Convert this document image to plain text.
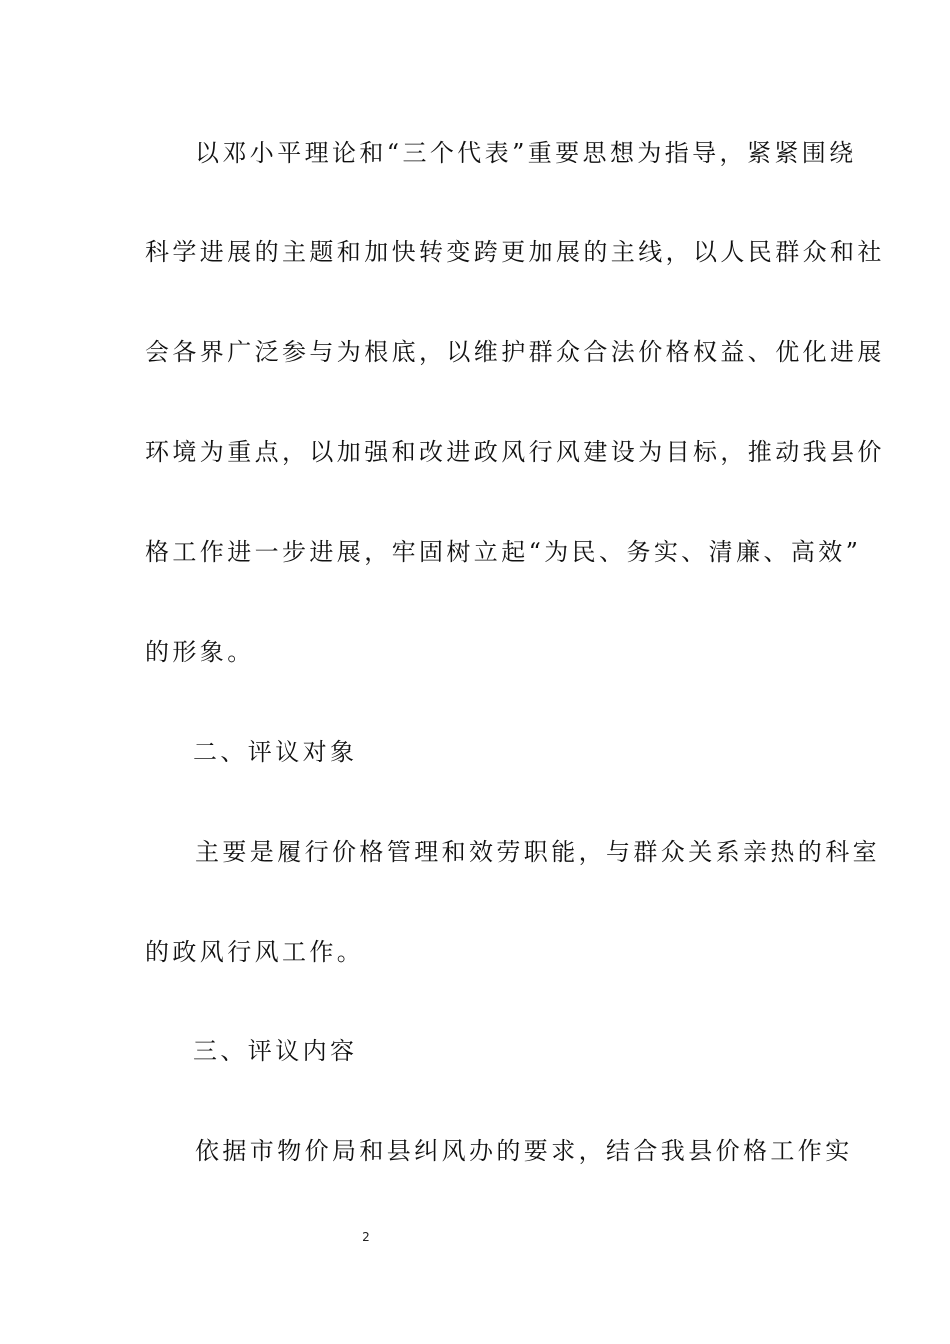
以邓小平理论和“三个代表”重要思想为指导，紧紧围绕
科学进展的主题和加快转变跨更加展的主线，以人民群众和社
会各界广泛参与为根底，以维护群众合法价格权益、优化进展
环境为重点，以加强和改进政风行风建设为目标，推动我县价
格工作进一步进展，牢固树立起“为民、务实、清廉、高效”
的形象。
二、评议对象
主要是履行价格管理和效劳职能，与群众关系亲热的科室
的政风行风工作。
三、评议内容
依据市物价局和县纠风办的要求，结合我县价格工作实
2
